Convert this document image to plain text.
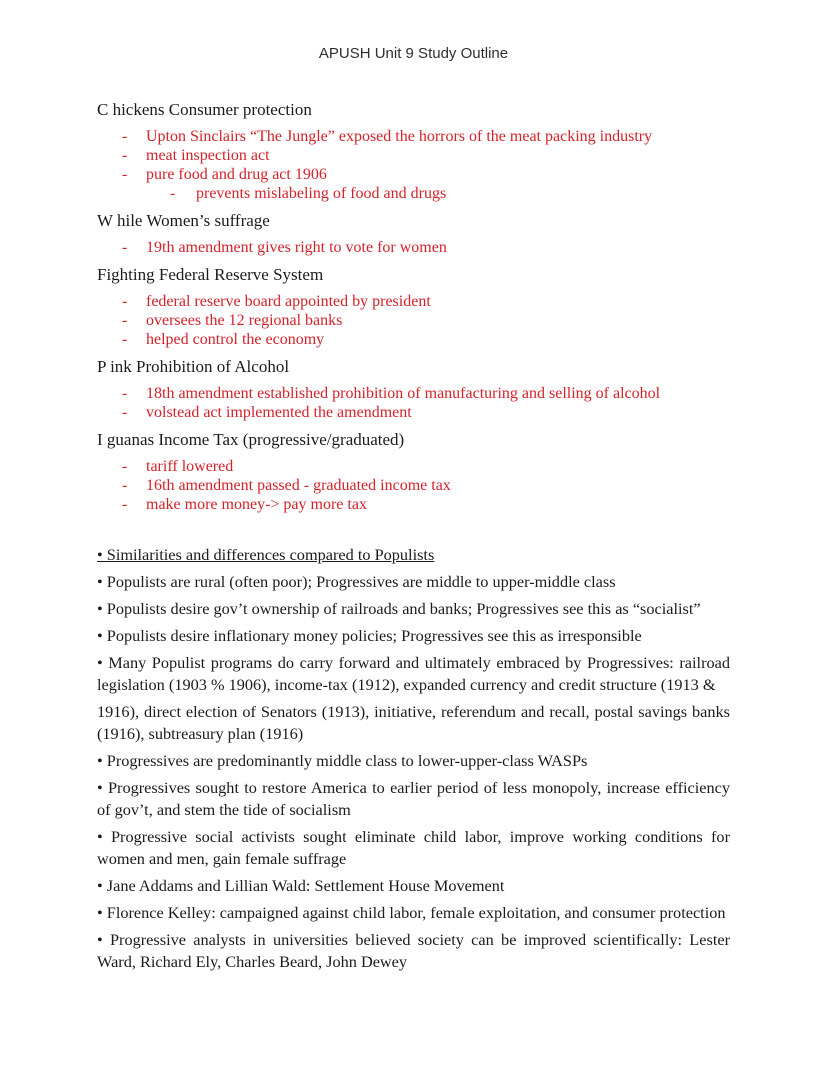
APUSH Unit 9 Study Outline
C hickens Consumer protection
- Upton Sinclairs “The Jungle” exposed the horrors of the meat packing industry
- meat inspection act
- pure food and drug act 1906
- prevents mislabeling of food and drugs
W hile Women’s suffrage
- 19th amendment gives right to vote for women
Fighting Federal Reserve System
- federal reserve board appointed by president
- oversees the 12 regional banks
- helped control the economy
P ink Prohibition of Alcohol
- 18th amendment established prohibition of manufacturing and selling of alcohol
- volstead act implemented the amendment
I guanas Income Tax (progressive/graduated)
- tariff lowered
- 16th amendment passed - graduated income tax
- make more money-> pay more tax

• Similarities and differences compared to Populists

• Populists are rural (often poor); Progressives are middle to upper-middle class

• Populists desire gov’t ownership of railroads and banks; Progressives see this as “socialist”

• Populists desire inflationary money policies; Progressives see this as irresponsible

• Many Populist programs do carry forward and ultimately embraced by Progressives: railroad legislation (1903 % 1906), income-tax (1912), expanded currency and credit structure (1913 &

1916), direct election of Senators (1913), initiative, referendum and recall, postal savings banks (1916), subtreasury plan (1916)

• Progressives are predominantly middle class to lower-upper-class WASPs

• Progressives sought to restore America to earlier period of less monopoly, increase efficiency of gov’t, and stem the tide of socialism

• Progressive social activists sought eliminate child labor, improve working conditions for women and men, gain female suffrage

• Jane Addams and Lillian Wald: Settlement House Movement

• Florence Kelley: campaigned against child labor, female exploitation, and consumer protection

• Progressive analysts in universities believed society can be improved scientifically: Lester Ward, Richard Ely, Charles Beard, John Dewey
